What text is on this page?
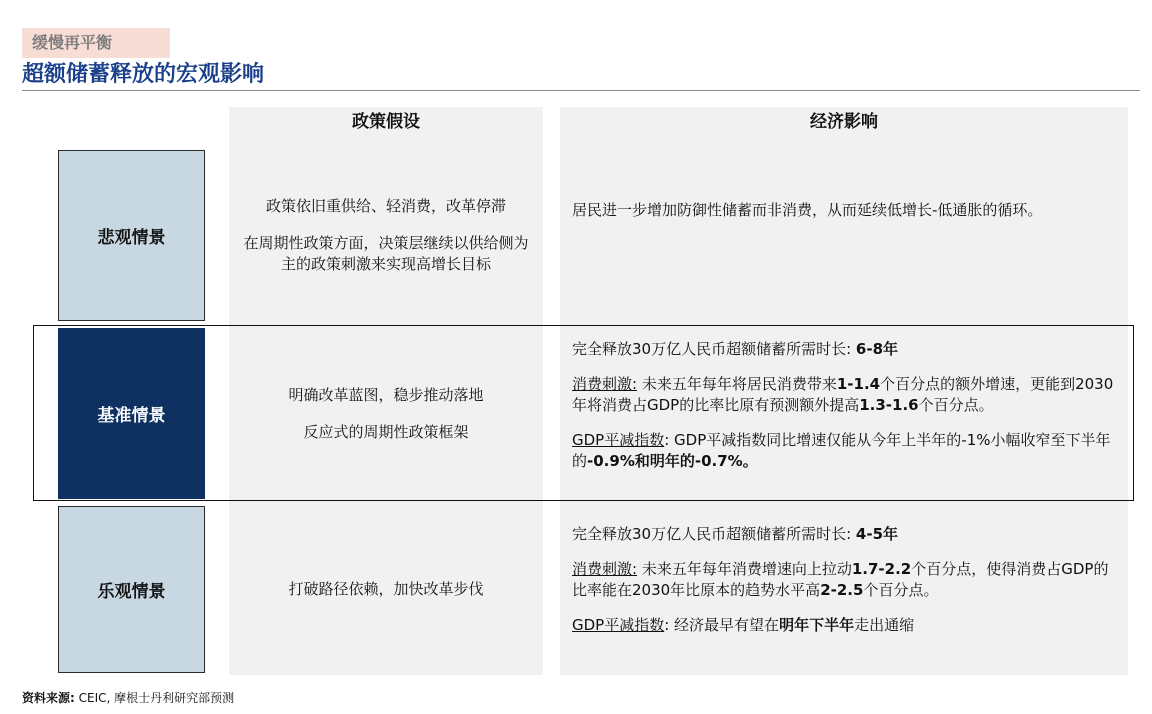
缓慢再平衡
超额储蓄释放的宏观影响
政策假设	经济影响
悲观情景

政策依旧重供给、轻消费，改革停滞

在周期性政策方面，决策层继续以供给侧为主的政策刺激来实现高增长目标

居民进一步增加防御性储蓄而非消费，从而延续低增长-低通胀的循环。

基准情景

明确改革蓝图，稳步推动落地

反应式的周期性政策框架

完全释放30万亿人民币超额储蓄所需时长: 6-8年

消费刺激: 未来五年每年将居民消费带来1-1.4个百分点的额外增速，更能到2030年将消费占GDP的比率比原有预测额外提高1.3-1.6个百分点。

GDP平减指数: GDP平减指数同比增速仅能从今年上半年的-1%小幅收窄至下半年的-0.9%和明年的-0.7%。

乐观情景	打破路径依赖，加快改革步伐

完全释放30万亿人民币超额储蓄所需时长: 4-5年

消费刺激: 未来五年每年消费增速向上拉动1.7-2.2个百分点，使得消费占GDP的比率能在2030年比原本的趋势水平高2-2.5个百分点。

GDP平减指数: 经济最早有望在明年下半年走出通缩

资料来源: CEIC, 摩根士丹利研究部预测
